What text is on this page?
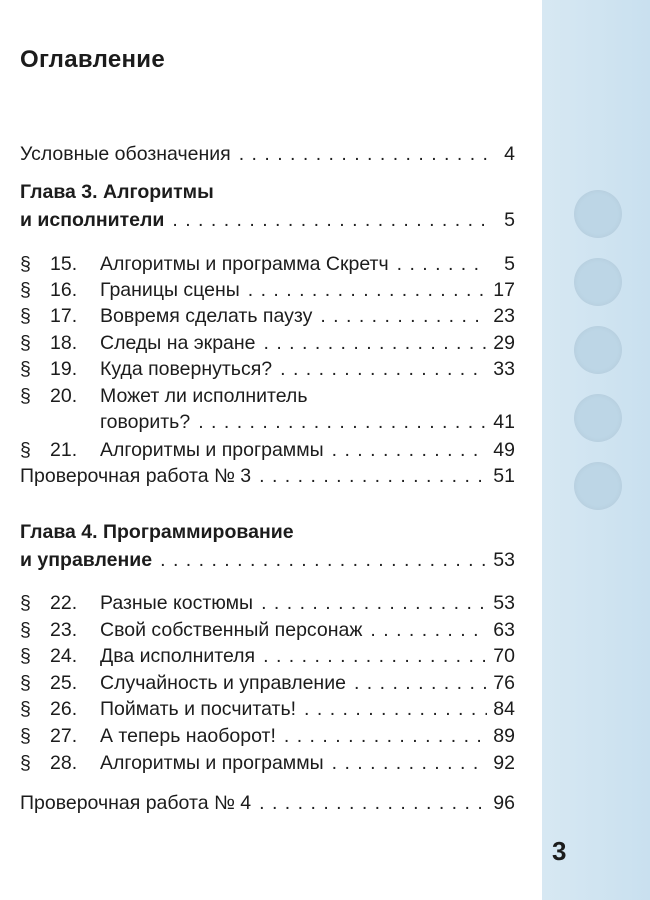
Оглавление
Условные обозначения . . .	4
Глава 3. Алгоритмы
и исполнители . . .	5
§ 15.	Алгоритмы и программа Скретч . . .	5
§ 16.	Границы сцены . . .	17
§ 17.	Вовремя сделать паузу . . .	23
§ 18.	Следы на экране . . .	29
§ 19.	Куда повернуться? . . .	33
§ 20.	Может ли исполнитель
говорить? . . .	41
§ 21.	Алгоритмы и программы . . .	49
Проверочная работа № 3 . . .	51
Глава 4. Программирование
и управление . . .	53
§ 22.	Разные костюмы . . .	53
§ 23.	Свой собственный персонаж . . .	63
§ 24.	Два исполнителя . . .	70
§ 25.	Случайность и управление . . .	76
§ 26.	Поймать и посчитать! . . .	84
§ 27.	А теперь наоборот! . . .	89
§ 28.	Алгоритмы и программы . . .	92
Проверочная работа № 4 . . .	96
3
